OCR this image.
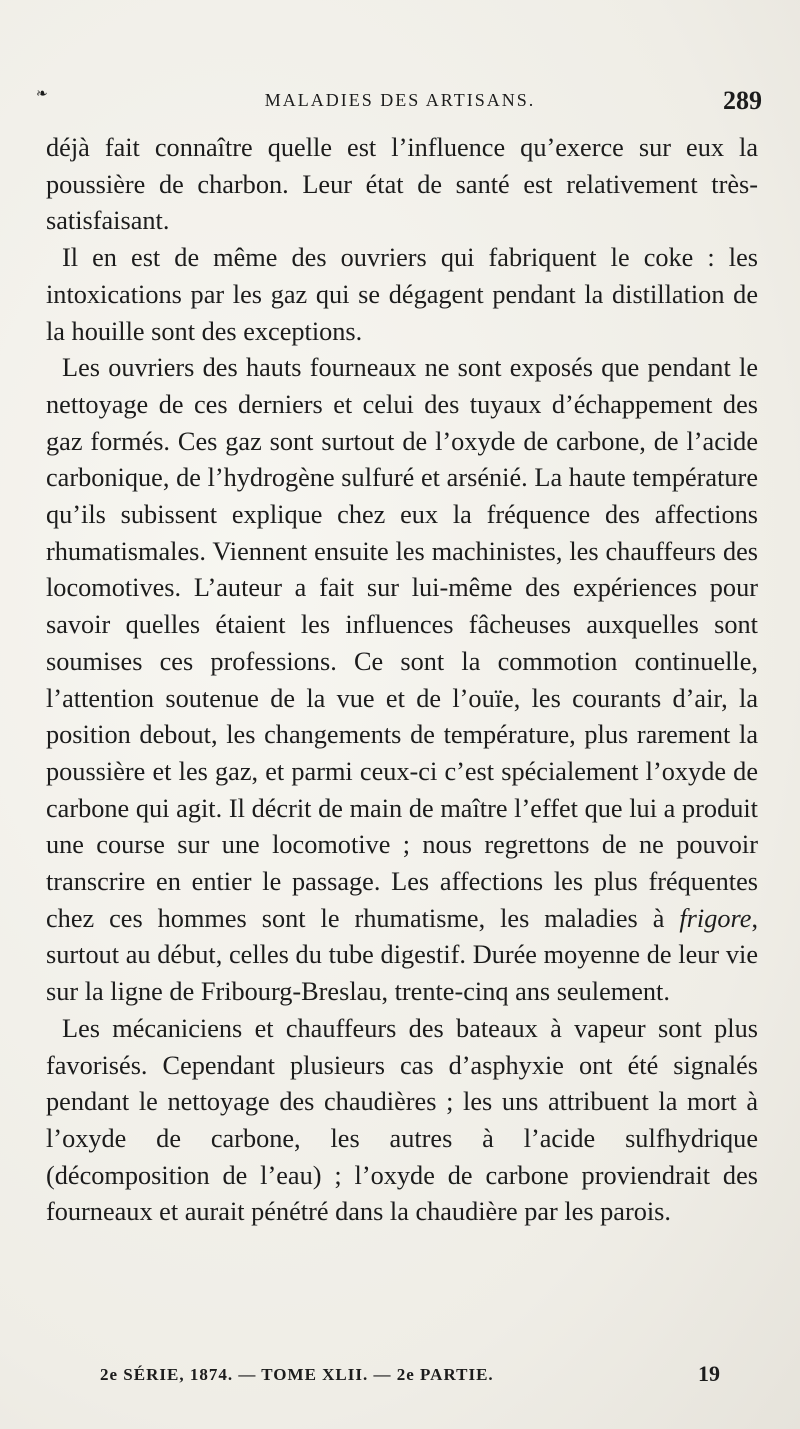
❧	MALADIES DES ARTISANS.	289

déjà fait connaître quelle est l’influence qu’exerce sur eux la poussière de charbon. Leur état de santé est relativement très-satisfaisant.

Il en est de même des ouvriers qui fabriquent le coke : les intoxications par les gaz qui se dégagent pendant la distillation de la houille sont des exceptions.

Les ouvriers des hauts fourneaux ne sont exposés que pendant le nettoyage de ces derniers et celui des tuyaux d’échappement des gaz formés. Ces gaz sont surtout de l’oxyde de carbone, de l’acide carbonique, de l’hydrogène sulfuré et arsénié. La haute température qu’ils subissent explique chez eux la fréquence des affections rhumatismales. Viennent ensuite les machinistes, les chauffeurs des locomotives. L’auteur a fait sur lui-même des expériences pour savoir quelles étaient les influences fâcheuses auxquelles sont soumises ces professions. Ce sont la commotion continuelle, l’attention soutenue de la vue et de l’ouïe, les courants d’air, la position debout, les changements de température, plus rarement la poussière et les gaz, et parmi ceux-ci c’est spécialement l’oxyde de carbone qui agit. Il décrit de main de maître l’effet que lui a produit une course sur une locomotive ; nous regrettons de ne pouvoir transcrire en entier le passage. Les affections les plus fréquentes chez ces hommes sont le rhumatisme, les maladies à frigore, surtout au début, celles du tube digestif. Durée moyenne de leur vie sur la ligne de Fribourg-Breslau, trente-cinq ans seulement.

Les mécaniciens et chauffeurs des bateaux à vapeur sont plus favorisés. Cependant plusieurs cas d’asphyxie ont été signalés pendant le nettoyage des chaudières ; les uns attribuent la mort à l’oxyde de carbone, les autres à l’acide sulfhydrique (décomposition de l’eau) ; l’oxyde de carbone proviendrait des fourneaux et aurait pénétré dans la chaudière par les parois.

2e SÉRIE, 1874. — TOME XLII. — 2e PARTIE.	19
